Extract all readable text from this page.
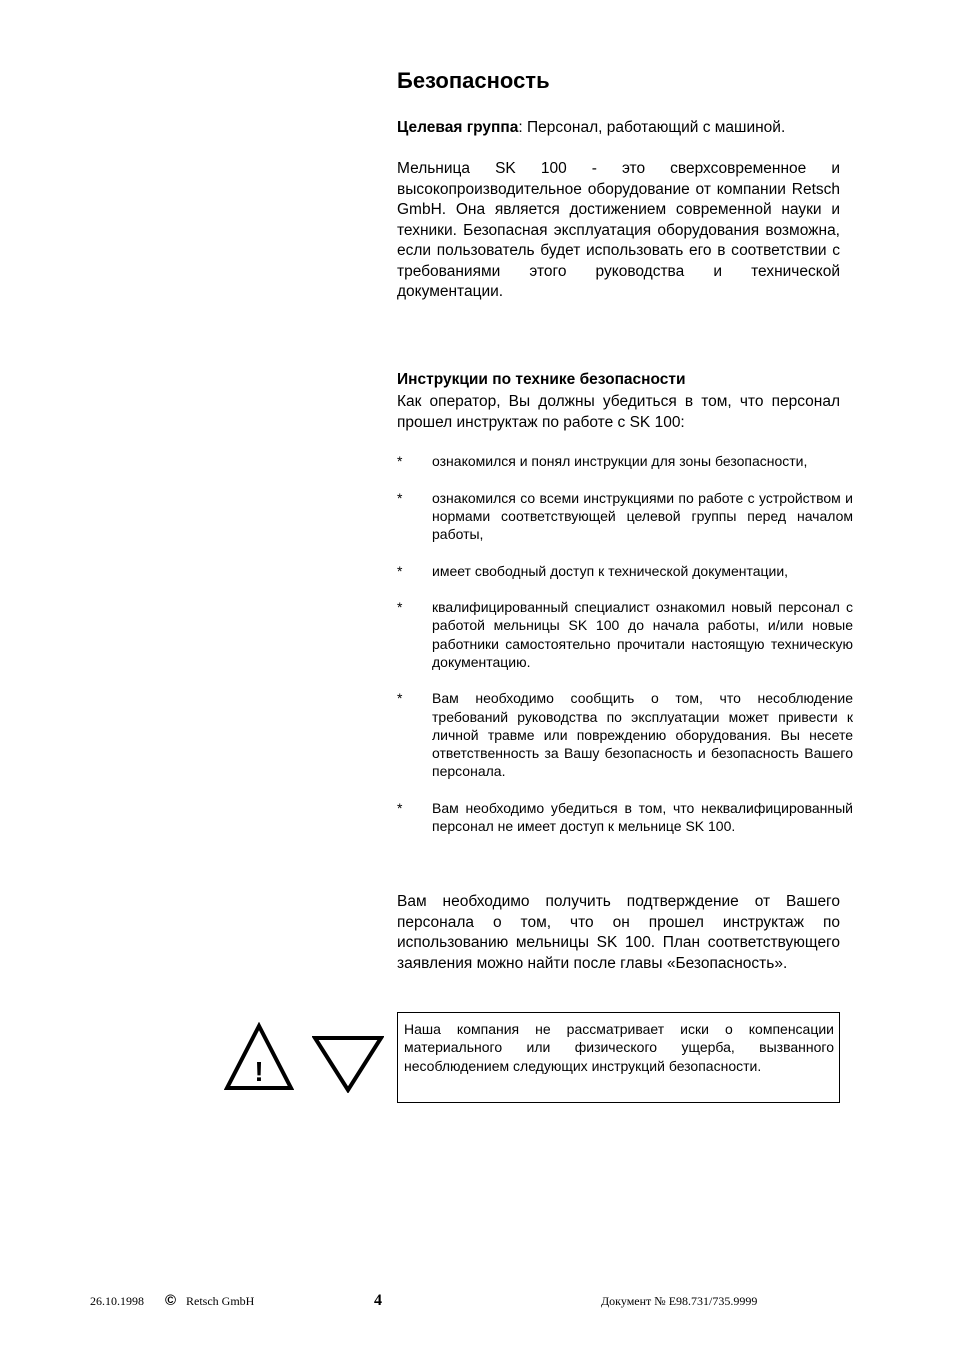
Безопасность

Целевая группа: Персонал, работающий с машиной.

Мельница SK 100 - это сверхсовременное и высокопроизводительное оборудование от компании Retsch GmbH. Она является достижением современной науки и техники. Безопасная эксплуатация оборудования возможна, если пользователь будет использовать его в соответствии с требованиями этого руководства и технической документации.

Инструкции по технике безопасности

Как оператор, Вы должны убедиться в том, что персонал прошел инструктаж по работе с SK 100:

* ознакомился и понял инструкции для зоны безопасности,
* ознакомился со всеми инструкциями по работе с устройством и нормами соответствующей целевой группы перед началом работы,
* имеет свободный доступ к технической документации,
* квалифицированный специалист ознакомил новый персонал с работой мельницы SK 100 до начала работы, и/или новые работники самостоятельно прочитали настоящую техническую документацию.
* Вам необходимо сообщить о том, что несоблюдение требований руководства по эксплуатации может привести к личной травме или повреждению оборудования. Вы несете ответственность за Вашу безопасность и безопасность Вашего персонала.
* Вам необходимо убедиться в том, что неквалифицированный персонал не имеет доступ к мельнице SK 100.

Вам необходимо получить подтверждение от Вашего персонала о том, что он прошел инструктаж по использованию мельницы SK 100. План соответствующего заявления можно найти после главы «Безопасность».

!
Наша компания не рассматривает иски о компенсации материального или физического ущерба, вызванного несоблюдением следующих инструкций безопасности.
26.10.1998 © Retsch GmbH	4	Документ № E98.731/735.9999
